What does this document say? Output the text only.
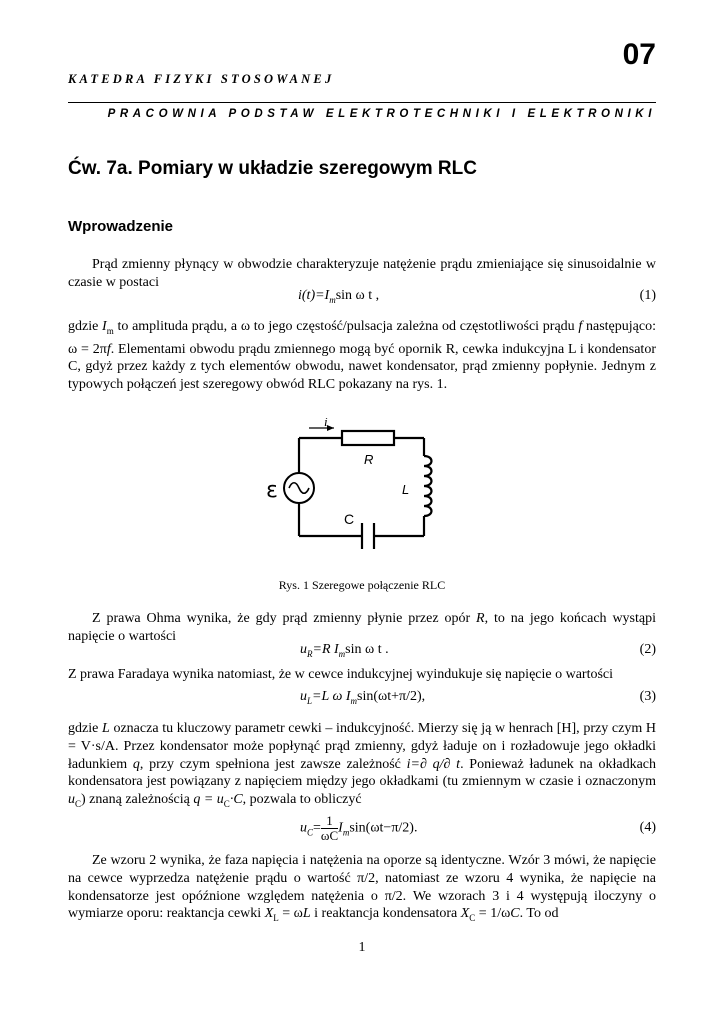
07
KATEDRA FIZYKI STOSOWANEJ
PRACOWNIA PODSTAW ELEKTROTECHNIKI I ELEKTRONIKI
Ćw. 7a. Pomiary w układzie szeregowym RLC
Wprowadzenie
Prąd zmienny płynący w obwodzie charakteryzuje natężenie prądu zmieniające się sinusoidalnie w czasie w postaci
$i(t)=I_m\sin$ ω t ,	(1)
gdzie $I_m$ to amplituda prądu, a ω to jego częstość/pulsacja zależna od częstotliwości prądu f następująco: ω = 2πf. Elementami obwodu prądu zmiennego mogą być opornik R, cewka indukcyjna L i kondensator C, gdyż przez każdy z tych elementów obwodu, nawet kondensator, prąd zmienny popłynie. Jednym z typowych połączeń jest szeregowy obwód RLC pokazany na rys. 1.
i
R
L
C
ε
Rys. 1 Szeregowe połączenie RLC
Z prawa Ohma wynika, że gdy prąd zmienny płynie przez opór R, to na jego końcach wystąpi napięcie o wartości
$u_R=R$ $I_m\sin$ ω t .	(2)
Z prawa Faradaya wynika natomiast, że w cewce indukcyjnej wyindukuje się napięcie o wartości
$u_L=L$ ω $I_m\sin(\omega t+\pi/2)$,	(3)
gdzie L oznacza tu kluczowy parametr cewki – indukcyjność. Mierzy się ją w henrach [H], przy czym H = V·s/A. Przez kondensator może popłynąć prąd zmienny, gdyż ładuje on i rozładowuje jego okładki ładunkiem q, przy czym spełniona jest zawsze zależność i=∂ q/∂ t. Ponieważ ładunek na okładkach kondensatora jest powiązany z napięciem między jego okładkami (tu zmiennym w czasie i oznaczonym $u_C$) znaną zależnością $q = u_C\cdot C$, pozwala to obliczyć
$u_C= \frac{1}{\omega C} I_m\sin(\omega t-\pi/2)$.	(4)
Ze wzoru 2 wynika, że faza napięcia i natężenia na oporze są identyczne. Wzór 3 mówi, że napięcie na cewce wyprzedza natężenie prądu o wartość π/2, natomiast ze wzoru 4 wynika, że napięcie na kondensatorze jest opóźnione względem natężenia o π/2. We wzorach 3 i 4 występują iloczyny o wymiarze oporu: reaktancja cewki $X_L = \omega L$ i reaktancja kondensatora $X_C = 1/\omega C$. To od
1
